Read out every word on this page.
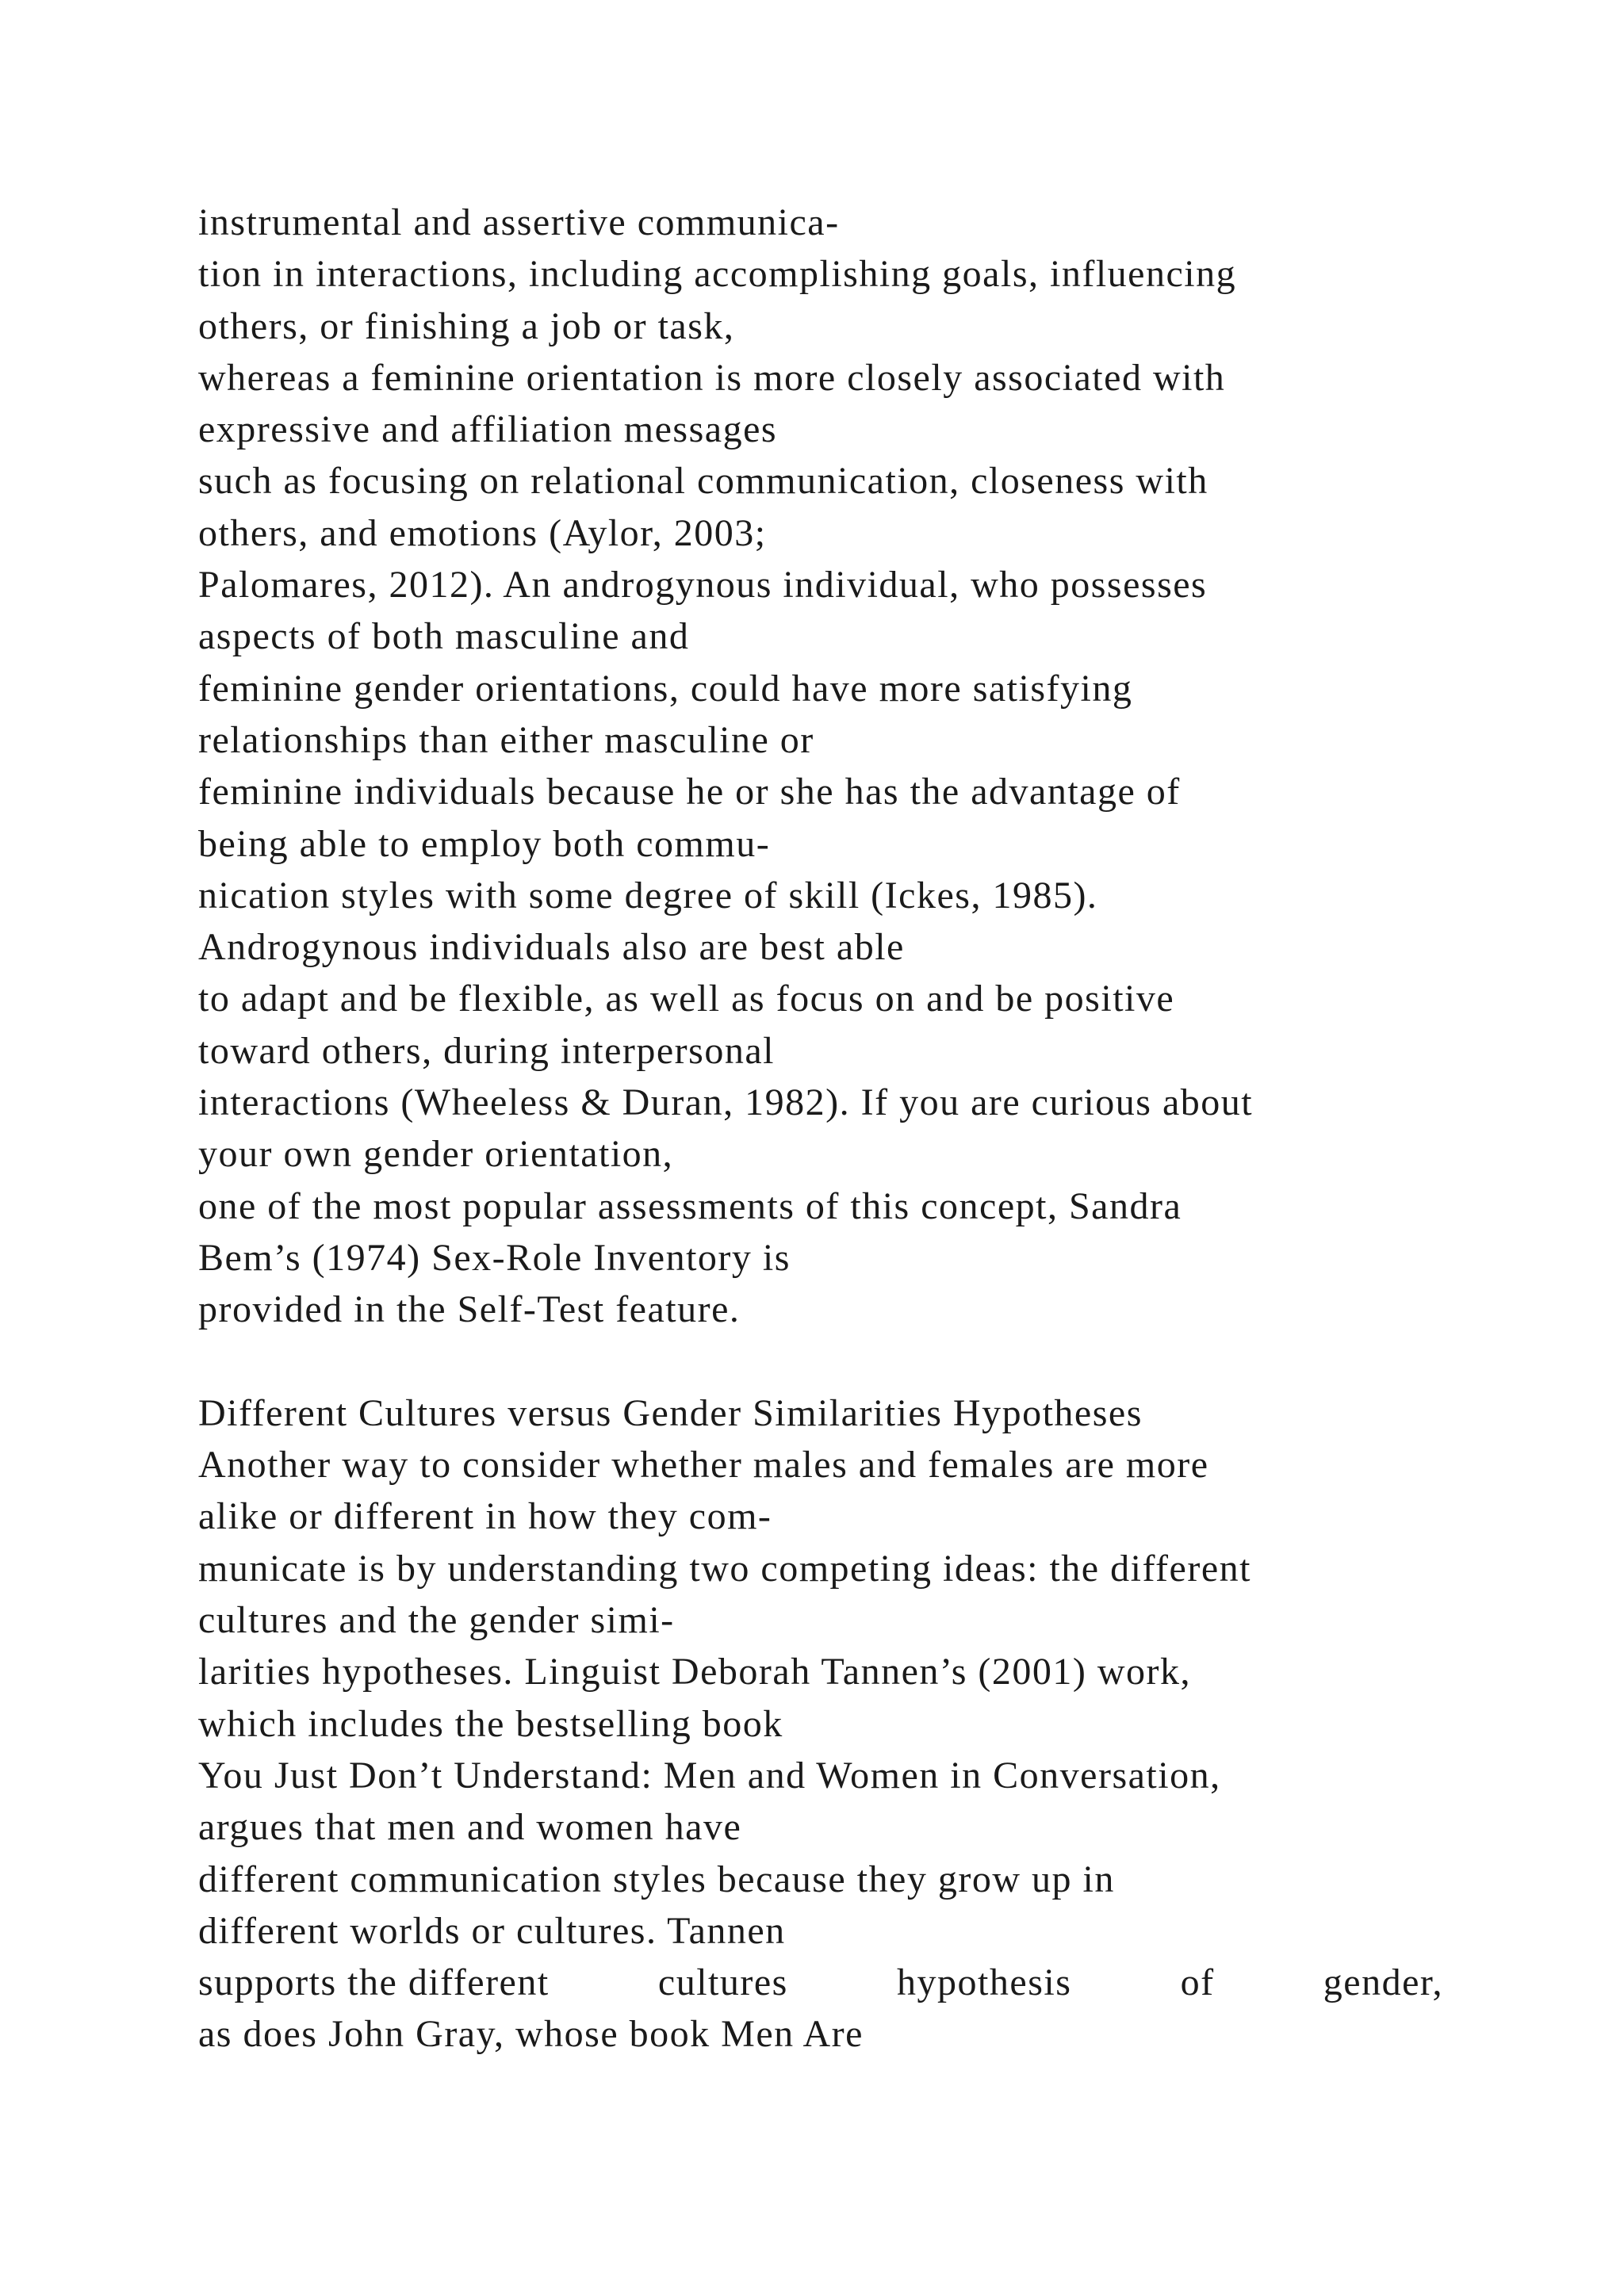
instrumental and assertive communica-
tion in interactions, including accomplishing goals, influencing
others, or finishing a job or task,
whereas a feminine orientation is more closely associated with
expressive and affiliation messages
such as focusing on relational communication, closeness with
others, and emotions (Aylor, 2003;
Palomares, 2012). An androgynous individual, who possesses
aspects of both masculine and
feminine gender orientations, could have more satisfying
relationships than either masculine or
feminine individuals because he or she has the advantage of
being able to employ both commu-
nication styles with some degree of skill (Ickes, 1985).
Androgynous individuals also are best able
to adapt and be flexible, as well as focus on and be positive
toward others, during interpersonal
interactions (Wheeless & Duran, 1982). If you are curious about
your own gender orientation,
one of the most popular assessments of this concept, Sandra
Bem’s (1974) Sex-Role Inventory is
provided in the Self-Test feature.
Different Cultures versus Gender Similarities Hypotheses
Another way to consider whether males and females are more
alike or different in how they com-
municate is by understanding two competing ideas: the different
cultures and the gender simi-
larities hypotheses. Linguist Deborah Tannen’s (2001) work,
which includes the bestselling book
You Just Don’t Understand: Men and Women in Conversation,
argues that men and women have
different communication styles because they grow up in
different worlds or cultures. Tannen
supports the different	cultures	hypothesis	of	gender,
as does John Gray, whose book Men Are
